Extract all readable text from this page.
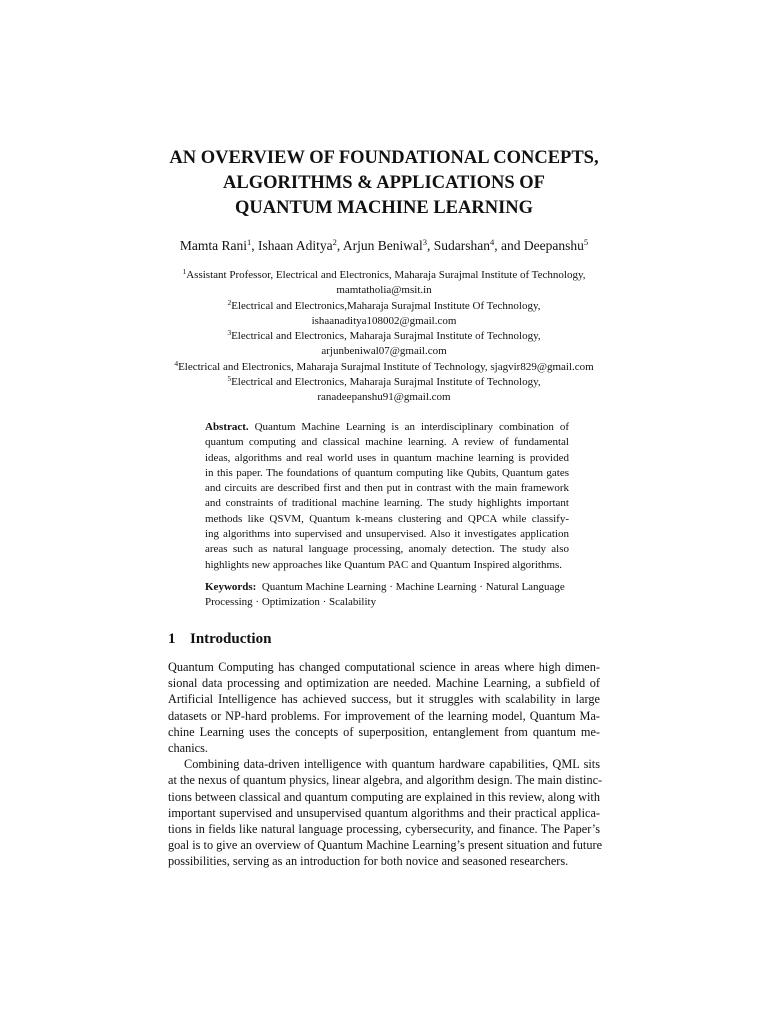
AN OVERVIEW OF FOUNDATIONAL CONCEPTS,
ALGORITHMS & APPLICATIONS OF
QUANTUM MACHINE LEARNING
Mamta Rani$^1$, Ishaan Aditya$^2$, Arjun Beniwal$^3$, Sudarshan$^4$, and Deepanshu$^5$
$^1$Assistant Professor, Electrical and Electronics, Maharaja Surajmal Institute of Technology,
mamtatholia@msit.in
$^2$Electrical and Electronics,Maharaja Surajmal Institute Of Technology,
ishaanaditya108002@gmail.com
$^3$Electrical and Electronics, Maharaja Surajmal Institute of Technology,
arjunbeniwal07@gmail.com
$^4$Electrical and Electronics, Maharaja Surajmal Institute of Technology, sjagvir829@gmail.com
$^5$Electrical and Electronics, Maharaja Surajmal Institute of Technology,
ranadeepanshu91@gmail.com
Abstract. Quantum Machine Learning is an interdisciplinary combination of
quantum computing and classical machine learning. A review of fundamental
ideas, algorithms and real world uses in quantum machine learning is provided
in this paper. The foundations of quantum computing like Qubits, Quantum gates
and circuits are described first and then put in contrast with the main framework
and constraints of traditional machine learning. The study highlights important
methods like QSVM, Quantum k-means clustering and QPCA while classify-
ing algorithms into supervised and unsupervised. Also it investigates application
areas such as natural language processing, anomaly detection. The study also
highlights new approaches like Quantum PAC and Quantum Inspired algorithms.
Keywords: Quantum Machine Learning · Machine Learning · Natural Language
Processing · Optimization · Scalability
1 Introduction
Quantum Computing has changed computational science in areas where high dimen-
sional data processing and optimization are needed. Machine Learning, a subfield of
Artificial Intelligence has achieved success, but it struggles with scalability in large
datasets or NP-hard problems. For improvement of the learning model, Quantum Ma-
chine Learning uses the concepts of superposition, entanglement from quantum me-
chanics.
Combining data-driven intelligence with quantum hardware capabilities, QML sits
at the nexus of quantum physics, linear algebra, and algorithm design. The main distinc-
tions between classical and quantum computing are explained in this review, along with
important supervised and unsupervised quantum algorithms and their practical applica-
tions in fields like natural language processing, cybersecurity, and finance. The Paper’s
goal is to give an overview of Quantum Machine Learning’s present situation and future
possibilities, serving as an introduction for both novice and seasoned researchers.
